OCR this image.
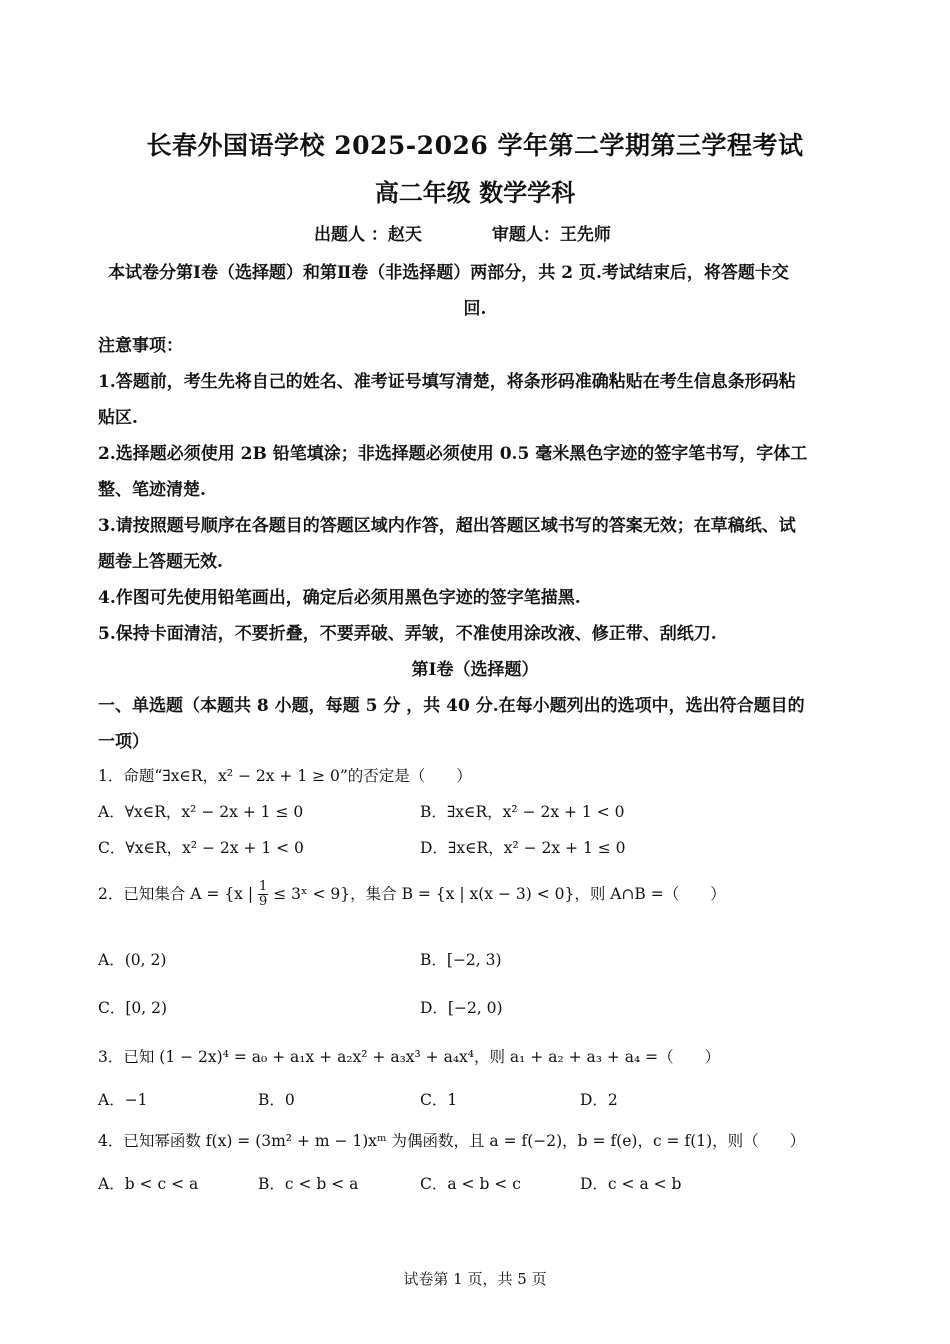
长春外国语学校 2025-2026 学年第二学期第三学程考试
高二年级 数学学科
出题人 ：赵天	审题人：王先师
本试卷分第Ⅰ卷（选择题）和第Ⅱ卷（非选择题）两部分，共 2 页.考试结束后，将答题卡交
回.
注意事项：
1.答题前，考生先将自己的姓名、准考证号填写清楚，将条形码准确粘贴在考生信息条形码粘
贴区.
2.选择题必须使用 2B 铅笔填涂；非选择题必须使用 0.5 毫米黑色字迹的签字笔书写，字体工
整、笔迹清楚.
3.请按照题号顺序在各题目的答题区域内作答，超出答题区域书写的答案无效；在草稿纸、试
题卷上答题无效.
4.作图可先使用铅笔画出，确定后必须用黑色字迹的签字笔描黑.
5.保持卡面清洁，不要折叠，不要弄破、弄皱，不准使用涂改液、修正带、刮纸刀.
第Ⅰ卷（选择题）
一、单选题（本题共 8 小题，每题 5 分 ，共 40 分.在每小题列出的选项中，选出符合题目的
一项）
1．命题“∃x∈R，x² − 2x + 1 ≥ 0”的否定是（　　）
A．∀x∈R，x² − 2x + 1 ≤ 0	B．∃x∈R，x² − 2x + 1 < 0
C．∀x∈R，x² − 2x + 1 < 0	D．∃x∈R，x² − 2x + 1 ≤ 0
2．已知集合 A = {x | $\frac{1}{9}$ ≤ 3ˣ < 9}，集合 B = {x | x(x − 3) < 0}，则 A∩B =（　　）
A．(0, 2)	B．[−2, 3)
C．[0, 2)	D．[−2, 0)
3．已知 (1 − 2x)⁴ = a₀ + a₁x + a₂x² + a₃x³ + a₄x⁴，则 a₁ + a₂ + a₃ + a₄ =（　　）
A．−1	B．0	C．1	D．2
4．已知幂函数 f(x) = (3m² + m − 1)xᵐ 为偶函数，且 a = f(−2)，b = f(e)，c = f(1)，则（　　）
A．b < c < a	B．c < b < a	C．a < b < c	D．c < a < b
试卷第 1 页，共 5 页
